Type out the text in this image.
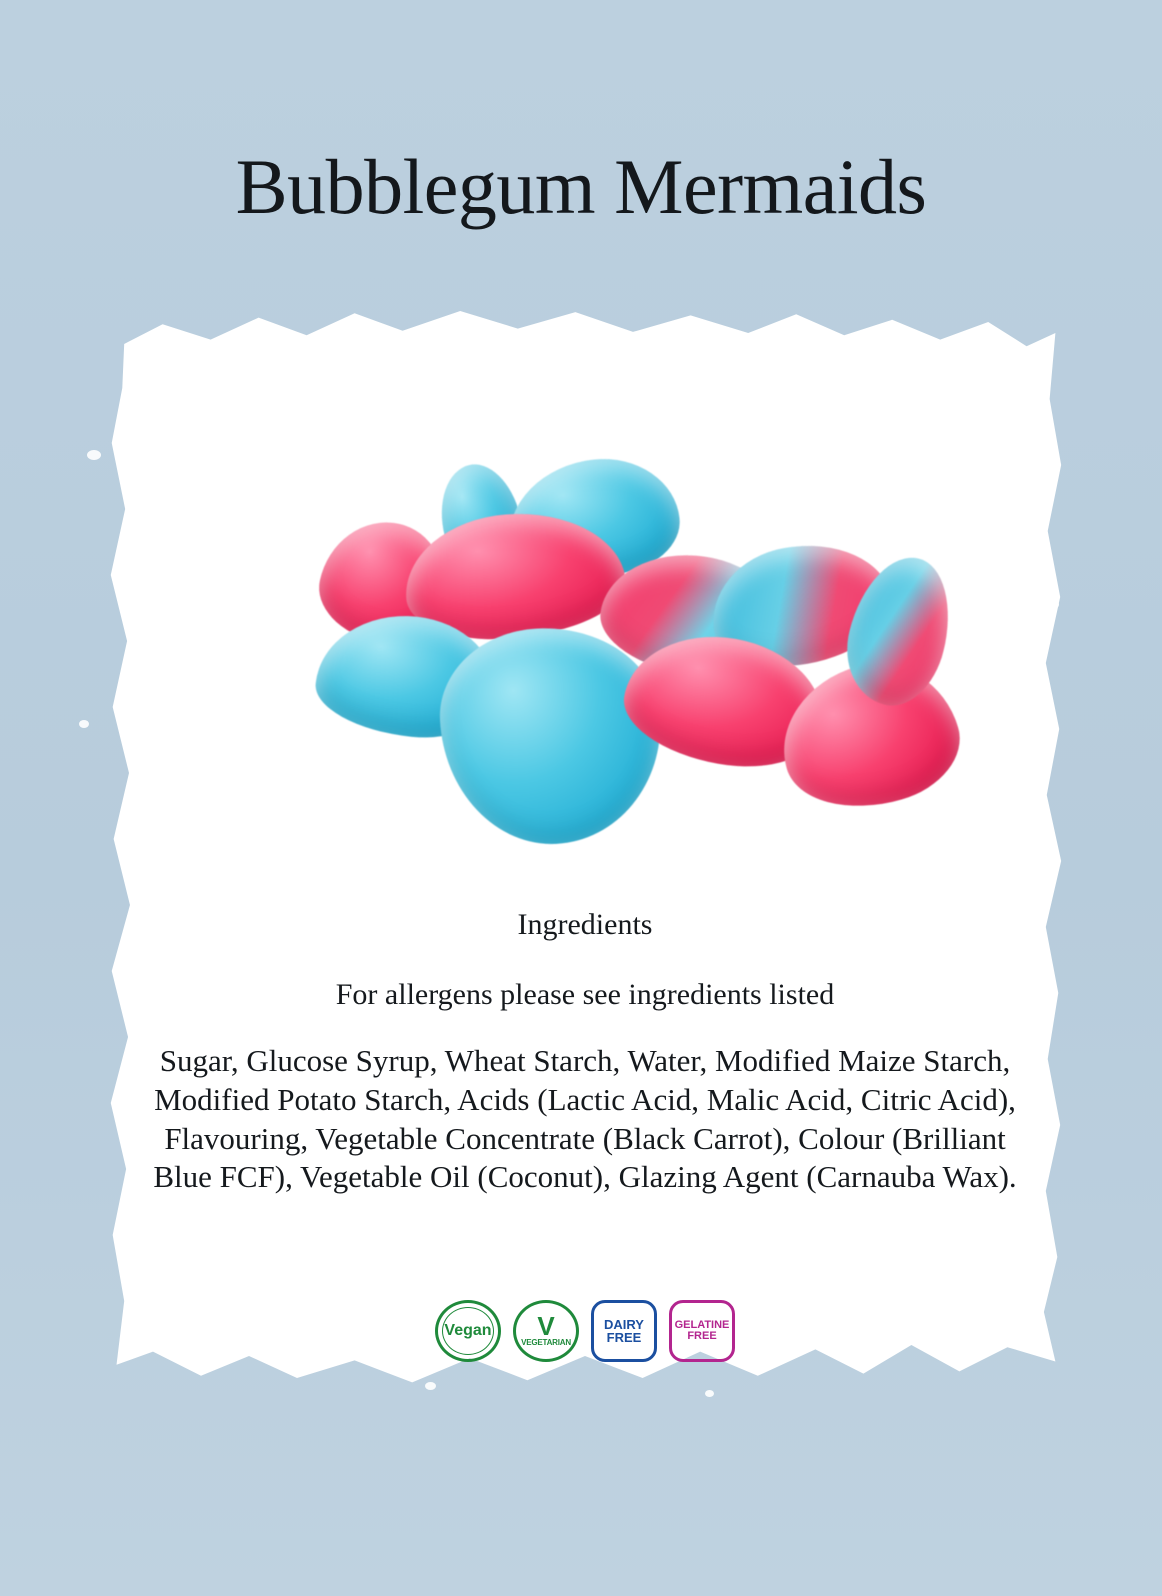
Bubblegum Mermaids
Ingredients
For allergens please see ingredients listed
Sugar, Glucose Syrup, Wheat Starch, Water, Modified Maize Starch, Modified Potato Starch, Acids (Lactic Acid, Malic Acid, Citric Acid), Flavouring, Vegetable Concentrate (Black Carrot), Colour (Brilliant Blue FCF), Vegetable Oil (Coconut), Glazing Agent (Carnauba Wax).
Vegan V
VEGETARIAN
DAIRY
FREE
GELATINE
FREE
